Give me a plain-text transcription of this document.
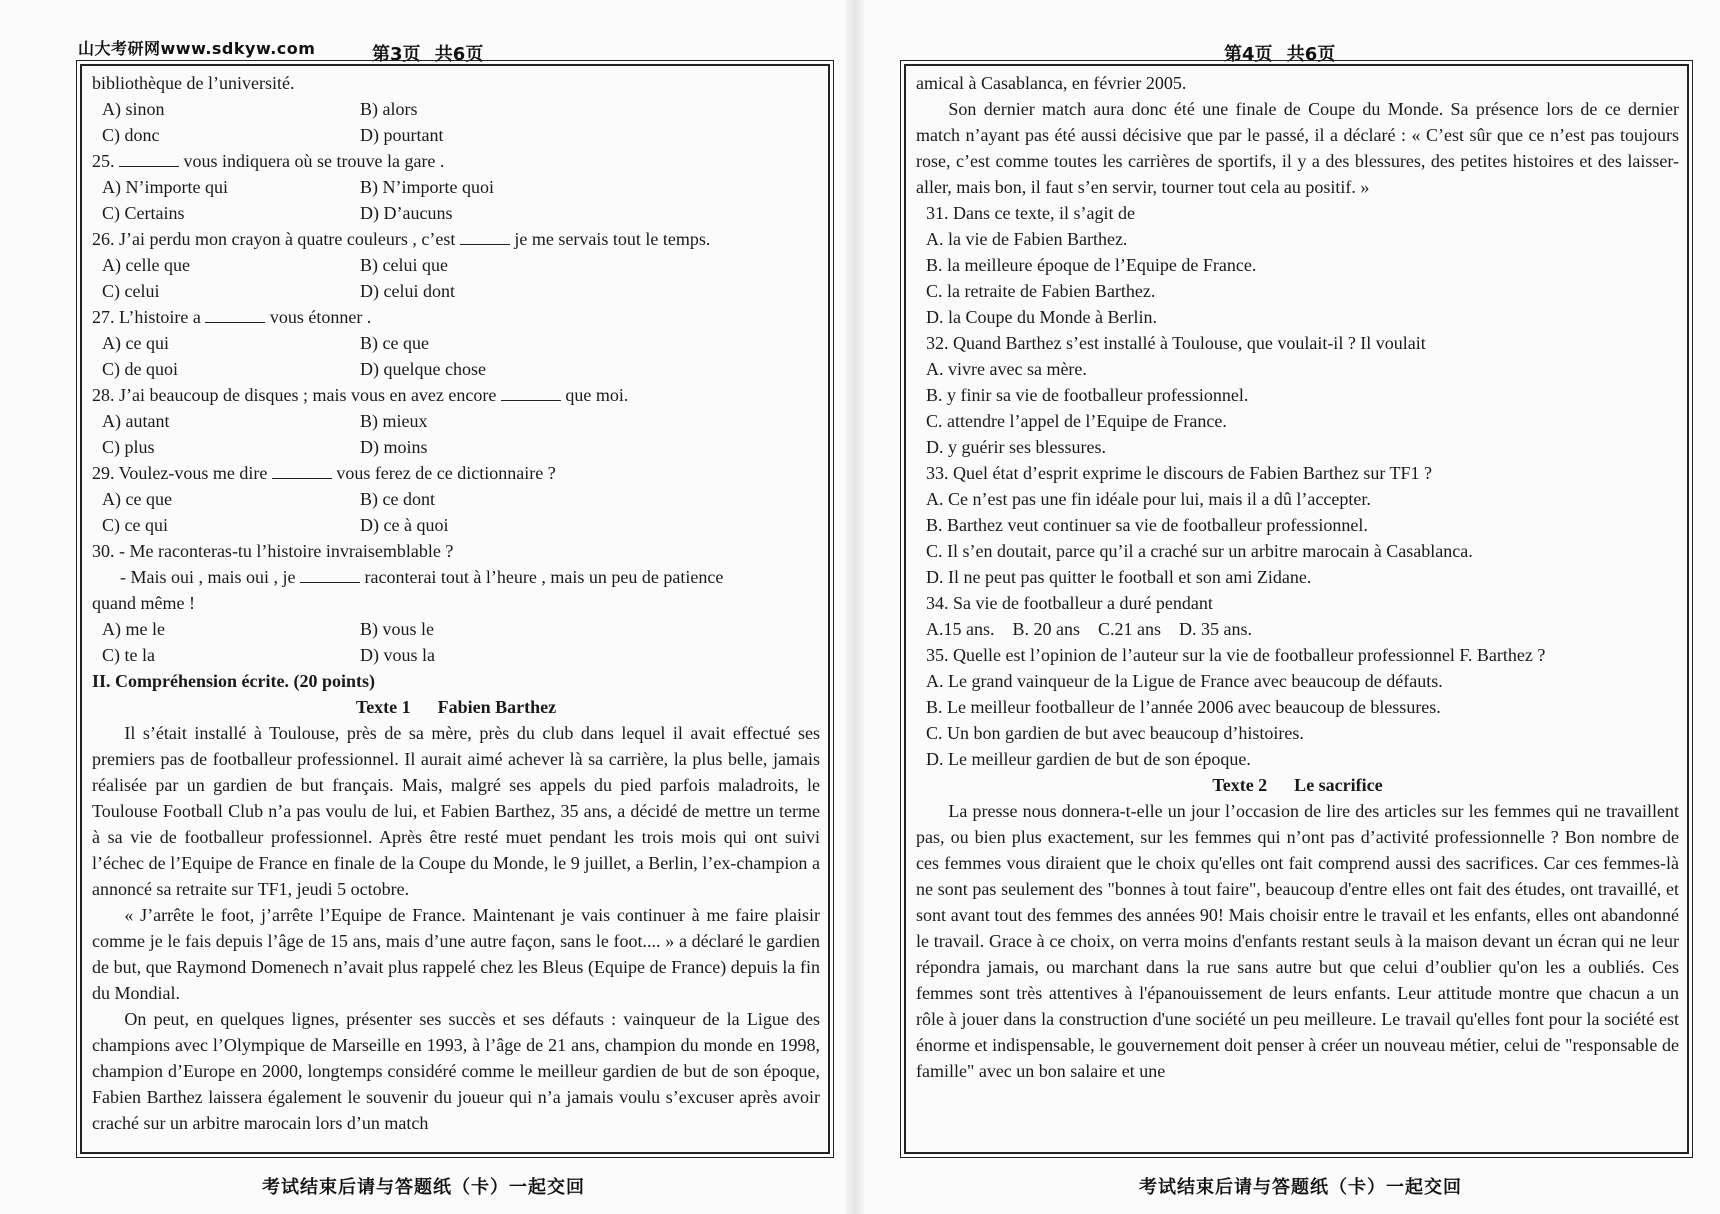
山大考研网www.sdkyw.com	第3页 共6页
bibliothèque de l’université.
A) sinon	B) alors
C) donc	D) pourtant
25.	vous indiquera où se trouve la gare .
A) N’importe qui	B) N’importe quoi
C) Certains	D) D’aucuns
26. J’ai perdu mon crayon à quatre couleurs , c’est	je me servais tout le temps.
A) celle que	B) celui que
C) celui	D) celui dont
27. L’histoire a	vous étonner .
A) ce qui	B) ce que
C) de quoi	D) quelque chose
28. J’ai beaucoup de disques ; mais vous en avez encore	que moi.
A) autant	B) mieux
C) plus	D) moins
29. Voulez-vous me dire	vous ferez de ce dictionnaire ?
A) ce que	B) ce dont
C) ce qui	D) ce à quoi
30. - Me raconteras-tu l’histoire invraisemblable ?
- Mais oui , mais oui , je	raconterai tout à l’heure , mais un peu de patience
quand même !
A) me le	B) vous le
C) te la	D) vous la
II. Compréhension écrite. (20 points)
Texte 1      Fabien Barthez
Il s’était installé à Toulouse, près de sa mère, près du club dans lequel il avait effectué ses premiers pas de footballeur professionnel. Il aurait aimé achever là sa carrière, la plus belle, jamais réalisée par un gardien de but français. Mais, malgré ses appels du pied parfois maladroits, le Toulouse Football Club n’a pas voulu de lui, et Fabien Barthez, 35 ans, a décidé de mettre un terme à sa vie de footballeur professionnel. Après être resté muet pendant les trois mois qui ont suivi l’échec de l’Equipe de France en finale de la Coupe du Monde, le 9 juillet, a Berlin, l’ex-champion a annoncé sa retraite sur TF1, jeudi 5 octobre.
« J’arrête le foot, j’arrête l’Equipe de France. Maintenant je vais continuer à me faire plaisir comme je le fais depuis l’âge de 15 ans, mais d’une autre façon, sans le foot.... » a déclaré le gardien de but, que Raymond Domenech n’avait plus rappelé chez les Bleus (Equipe de France) depuis la fin du Mondial.
On peut, en quelques lignes, présenter ses succès et ses défauts : vainqueur de la Ligue des champions avec l’Olympique de Marseille en 1993, à l’âge de 21 ans, champion du monde en 1998, champion d’Europe en 2000, longtemps considéré comme le meilleur gardien de but de son époque, Fabien Barthez laissera également le souvenir du joueur qui n’a jamais voulu s’excuser après avoir craché sur un arbitre marocain lors d’un match
考试结束后请与答题纸（卡）一起交回
第4页 共6页
amical à Casablanca, en février 2005.
Son dernier match aura donc été une finale de Coupe du Monde. Sa présence lors de ce dernier match n’ayant pas été aussi décisive que par le passé, il a déclaré : « C’est sûr que ce n’est pas toujours rose, c’est comme toutes les carrières de sportifs, il y a des blessures, des petites histoires et des laisser-aller, mais bon, il faut s’en servir, tourner tout cela au positif. »
31. Dans ce texte, il s’agit de
A. la vie de Fabien Barthez.
B. la meilleure époque de l’Equipe de France.
C. la retraite de Fabien Barthez.
D. la Coupe du Monde à Berlin.
32. Quand Barthez s’est installé à Toulouse, que voulait-il ? Il voulait
A. vivre avec sa mère.
B. y finir sa vie de footballeur professionnel.
C. attendre l’appel de l’Equipe de France.
D. y guérir ses blessures.
33. Quel état d’esprit exprime le discours de Fabien Barthez sur TF1 ?
A. Ce n’est pas une fin idéale pour lui, mais il a dû l’accepter.
B. Barthez veut continuer sa vie de footballeur professionnel.
C. Il s’en doutait, parce qu’il a craché sur un arbitre marocain à Casablanca.
D. Il ne peut pas quitter le football et son ami Zidane.
34. Sa vie de footballeur a duré pendant
A.15 ans.    B. 20 ans    C.21 ans    D. 35 ans.
35. Quelle est l’opinion de l’auteur sur la vie de footballeur professionnel F. Barthez ?
A. Le grand vainqueur de la Ligue de France avec beaucoup de défauts.
B. Le meilleur footballeur de l’année 2006 avec beaucoup de blessures.
C. Un bon gardien de but avec beaucoup d’histoires.
D. Le meilleur gardien de but de son époque.
Texte 2      Le sacrifice
La presse nous donnera-t-elle un jour l’occasion de lire des articles sur les femmes qui ne travaillent pas, ou bien plus exactement, sur les femmes qui n’ont pas d’activité professionnelle ? Bon nombre de ces femmes vous diraient que le choix qu'elles ont fait comprend aussi des sacrifices. Car ces femmes-là ne sont pas seulement des "bonnes à tout faire", beaucoup d'entre elles ont fait des études, ont travaillé, et sont avant tout des femmes des années 90! Mais choisir entre le travail et les enfants, elles ont abandonné le travail. Grace à ce choix, on verra moins d'enfants restant seuls à la maison devant un écran qui ne leur répondra jamais, ou marchant dans la rue sans autre but que celui d’oublier qu'on les a oubliés. Ces femmes sont très attentives à l'épanouissement de leurs enfants. Leur attitude montre que chacun a un rôle à jouer dans la construction d'une société un peu meilleure. Le travail qu'elles font pour la société est énorme et indispensable, le gouvernement doit penser à créer un nouveau métier, celui de "responsable de famille" avec un bon salaire et une
考试结束后请与答题纸（卡）一起交回
